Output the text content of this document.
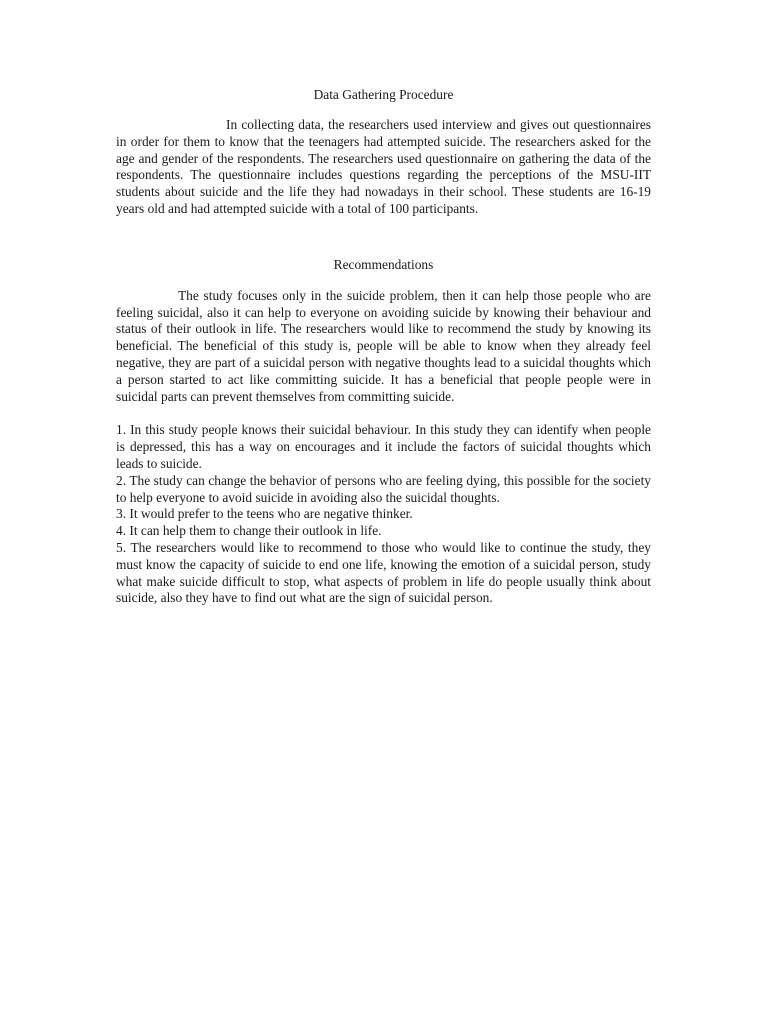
Data Gathering Procedure

In collecting data, the researchers used interview and gives out questionnaires in order for them to know that the teenagers had attempted suicide. The researchers asked for the age and gender of the respondents. The researchers used questionnaire on gathering the data of the respondents. The questionnaire includes questions regarding the perceptions of the MSU-IIT students about suicide and the life they had nowadays in their school. These students are 16-19 years old and had attempted suicide with a total of 100 participants.

Recommendations

The study focuses only in the suicide problem, then it can help those people who are feeling suicidal, also it can help to everyone on avoiding suicide by knowing their behaviour and status of their outlook in life. The researchers would like to recommend the study by knowing its beneficial. The beneficial of this study is, people will be able to know when they already feel negative, they are part of a suicidal person with negative thoughts lead to a suicidal thoughts which a person started to act like committing suicide. It has a beneficial that people people were in suicidal parts can prevent themselves from committing suicide.

1. In this study people knows their suicidal behaviour. In this study they can identify when people is depressed, this has a way on encourages and it include the factors of suicidal thoughts which leads to suicide.

2. The study can change the behavior of persons who are feeling dying, this possible for the society to help everyone to avoid suicide in avoiding also the suicidal thoughts.

3. It would prefer to the teens who are negative thinker.

4. It can help them to change their outlook in life.

5. The researchers would like to recommend to those who would like to continue the study, they must know the capacity of suicide to end one life, knowing the emotion of a suicidal person, study what make suicide difficult to stop, what aspects of problem in life do people usually think about suicide, also they have to find out what are the sign of suicidal person.
